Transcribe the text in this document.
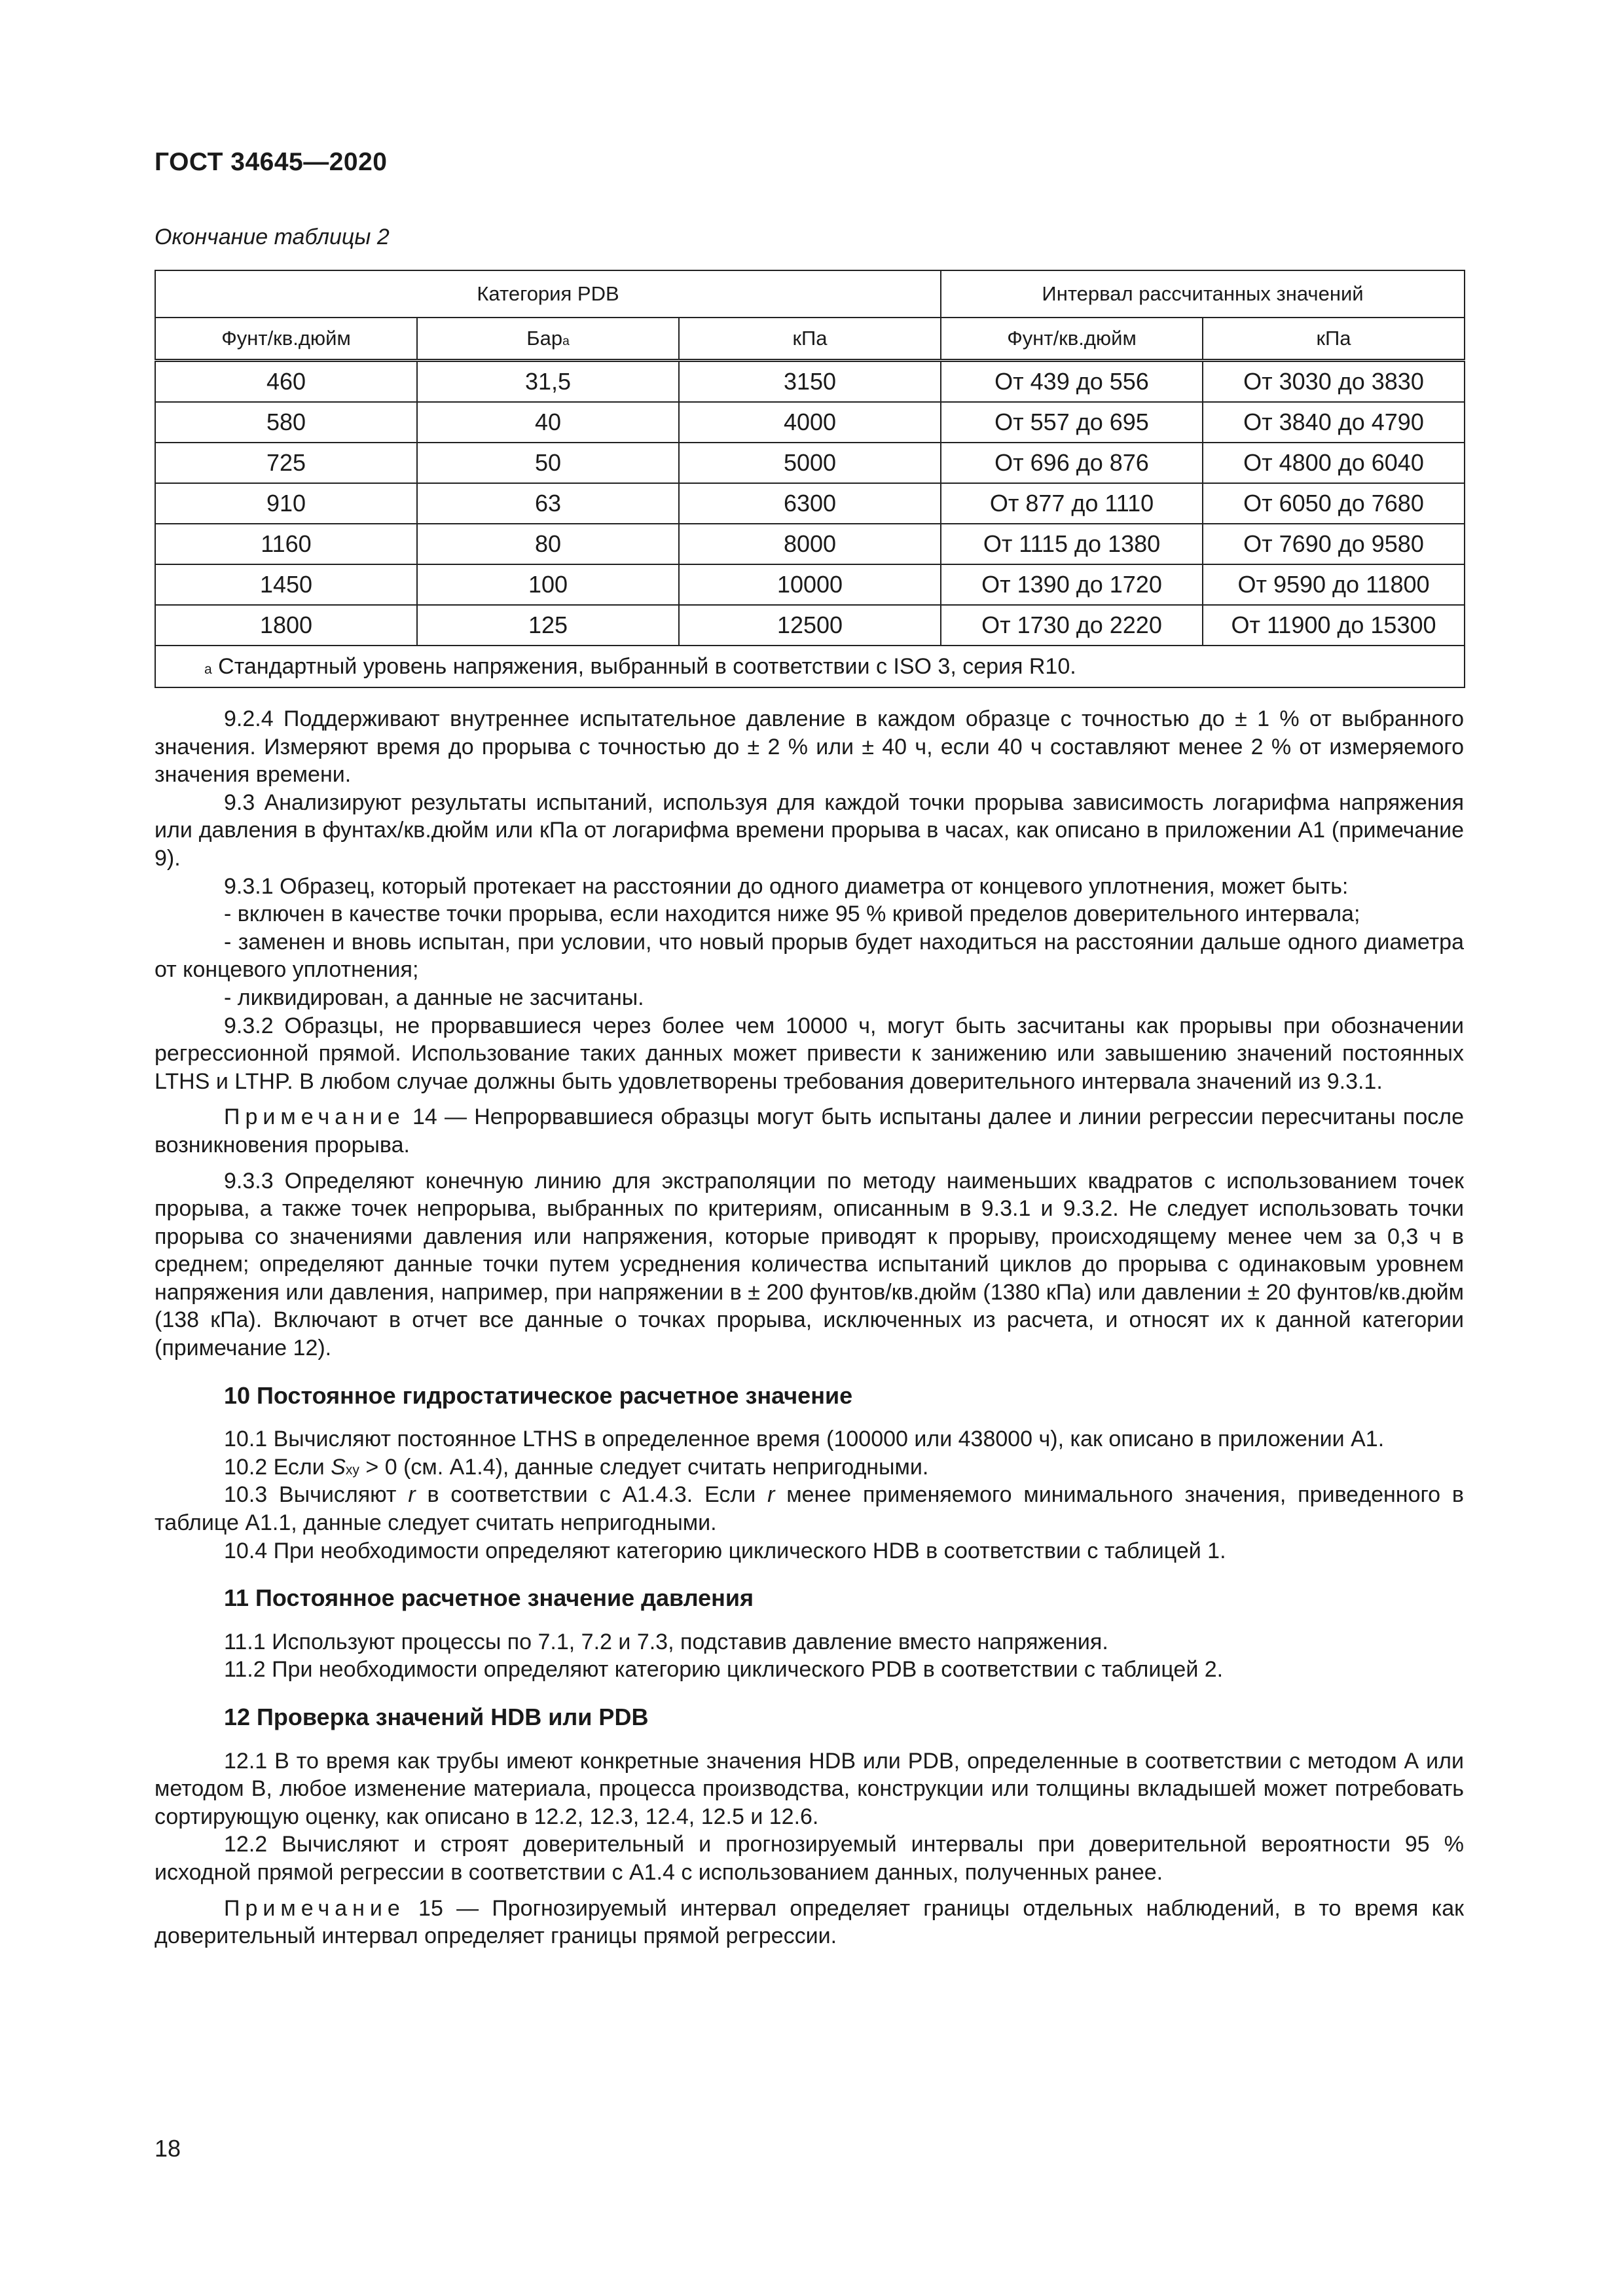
ГОСТ 34645—2020
Окончание таблицы 2
Категория PDB			Интервал рассчитанных значений	
Фунт/кв.дюйм	Бар$^a$	кПа	Фунт/кв.дюйм	кПа
460	31,5	3150	От 439 до 556	От 3030 до 3830
580	40	4000	От 557 до 695	От 3840 до 4790
725	50	5000	От 696 до 876	От 4800 до 6040
910	63	6300	От 877 до 1110	От 6050 до 7680
1160	80	8000	От 1115 до 1380	От 7690 до 9580
1450	100	10000	От 1390 до 1720	От 9590 до 11800
1800	125	12500	От 1730 до 2220	От 11900 до 15300
$^a$ Стандартный уровень напряжения, выбранный в соответствии с ISO 3, серия R10.				

9.2.4 Поддерживают внутреннее испытательное давление в каждом образце с точностью до ± 1 % от выбранного значения. Измеряют время до прорыва с точностью до ± 2 % или ± 40 ч, если 40 ч составляют менее 2 % от измеряемого значения времени.

9.3 Анализируют результаты испытаний, используя для каждой точки прорыва зависимость логарифма напряжения или давления в фунтах/кв.дюйм или кПа от логарифма времени прорыва в часах, как описано в приложении А1 (примечание 9).

9.3.1 Образец, который протекает на расстоянии до одного диаметра от концевого уплотнения, может быть:

- включен в качестве точки прорыва, если находится ниже 95 % кривой пределов доверительного интервала;

- заменен и вновь испытан, при условии, что новый прорыв будет находиться на расстоянии дальше одного диаметра от концевого уплотнения;

- ликвидирован, а данные не засчитаны.

9.3.2 Образцы, не прорвавшиеся через более чем 10000 ч, могут быть засчитаны как прорывы при обозначении регрессионной прямой. Использование таких данных может привести к занижению или завышению значений постоянных LTHS и LTHP. В любом случае должны быть удовлетворены требования доверительного интервала значений из 9.3.1.

Примечание 14 — Непрорвавшиеся образцы могут быть испытаны далее и линии регрессии пересчитаны после возникновения прорыва.

9.3.3 Определяют конечную линию для экстраполяции по методу наименьших квадратов с использованием точек прорыва, а также точек непрорыва, выбранных по критериям, описанным в 9.3.1 и 9.3.2. Не следует использовать точки прорыва со значениями давления или напряжения, которые приводят к прорыву, происходящему менее чем за 0,3 ч в среднем; определяют данные точки путем усреднения количества испытаний циклов до прорыва с одинаковым уровнем напряжения или давления, например, при напряжении в ± 200 фунтов/кв.дюйм (1380 кПа) или давлении ± 20 фунтов/кв.дюйм (138 кПа). Включают в отчет все данные о точках прорыва, исключенных из расчета, и относят их к данной категории (примечание 12).

10 Постоянное гидростатическое расчетное значение

10.1 Вычисляют постоянное LTHS в определенное время (100000 или 438000 ч), как описано в приложении А1.

10.2 Если $S_{xy} > 0$ (см. А1.4), данные следует считать непригодными.

10.3 Вычисляют r в соответствии с А1.4.3. Если r менее применяемого минимального значения, приведенного в таблице А1.1, данные следует считать непригодными.

10.4 При необходимости определяют категорию циклического HDB в соответствии с таблицей 1.

11 Постоянное расчетное значение давления

11.1 Используют процессы по 7.1, 7.2 и 7.3, подставив давление вместо напряжения.

11.2 При необходимости определяют категорию циклического PDB в соответствии с таблицей 2.

12 Проверка значений HDB или PDB

12.1 В то время как трубы имеют конкретные значения HDB или PDB, определенные в соответствии с методом А или методом В, любое изменение материала, процесса производства, конструкции или толщины вкладышей может потребовать сортирующую оценку, как описано в 12.2, 12.3, 12.4, 12.5 и 12.6.

12.2 Вычисляют и строят доверительный и прогнозируемый интервалы при доверительной вероятности 95 % исходной прямой регрессии в соответствии с А1.4 с использованием данных, полученных ранее.

Примечание 15 — Прогнозируемый интервал определяет границы отдельных наблюдений, в то время как доверительный интервал определяет границы прямой регрессии.

18
